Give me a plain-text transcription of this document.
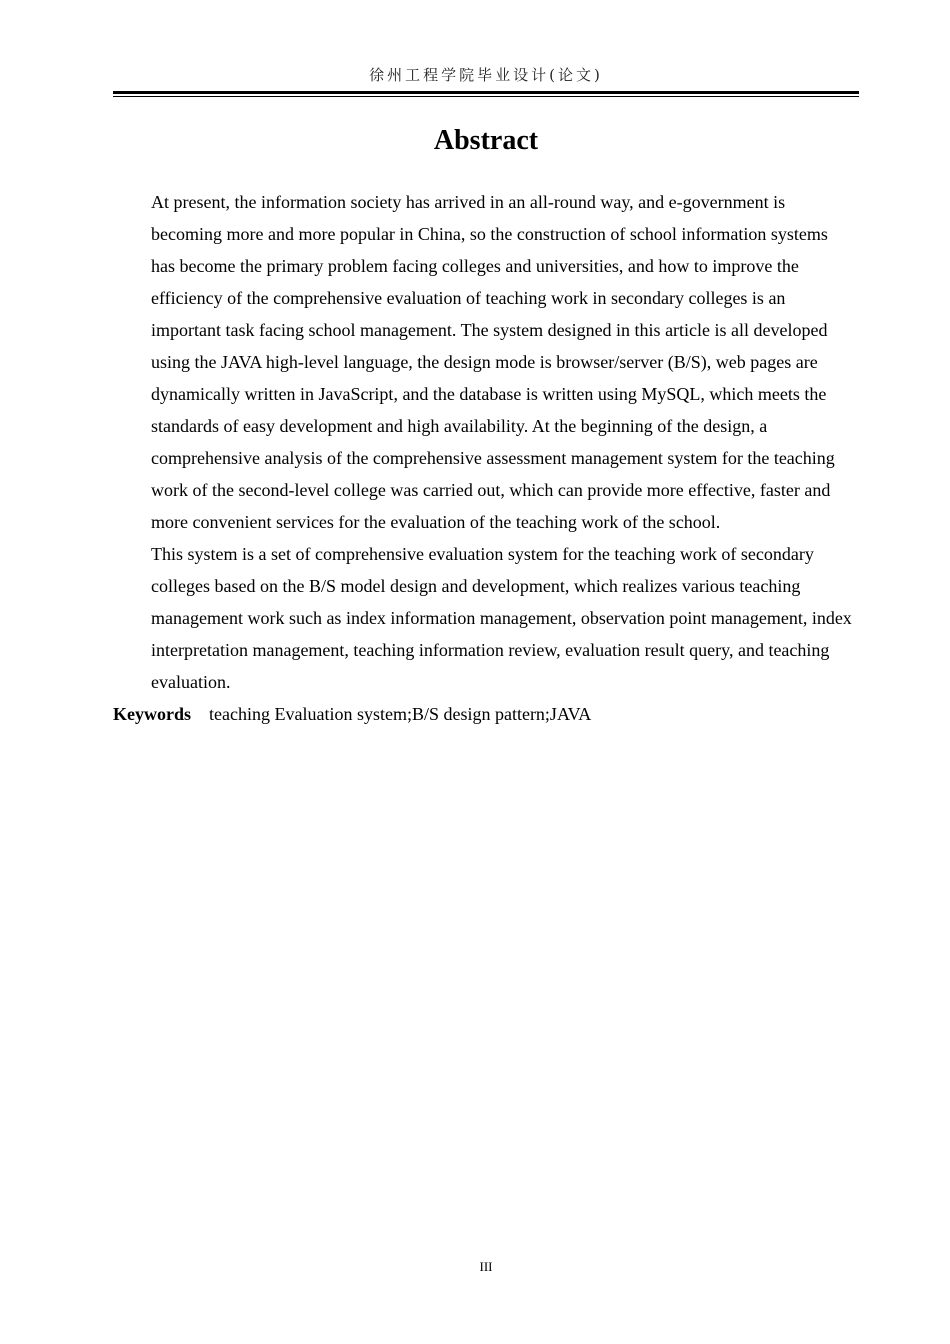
徐州工程学院毕业设计(论文)
Abstract

At present, the information society has arrived in an all-round way, and e-government is
becoming more and more popular in China, so the construction of school information systems
has become the primary problem facing colleges and universities, and how to improve the
efficiency of the comprehensive evaluation of teaching work in secondary colleges is an
important task facing school management. The system designed in this article is all developed
using the JAVA high-level language, the design mode is browser/server (B/S), web pages are
dynamically written in JavaScript, and the database is written using MySQL, which meets the
standards of easy development and high availability. At the beginning of the design, a
comprehensive analysis of the comprehensive assessment management system for the teaching
work of the second-level college was carried out, which can provide more effective, faster and
more convenient services for the evaluation of the teaching work of the school.

This system is a set of comprehensive evaluation system for the teaching work of secondary
colleges based on the B/S model design and development, which realizes various teaching
management work such as index information management, observation point management, index
interpretation management, teaching information review, evaluation result query, and teaching
evaluation.

Keywords teaching Evaluation system;B/S design pattern;JAVA

III
